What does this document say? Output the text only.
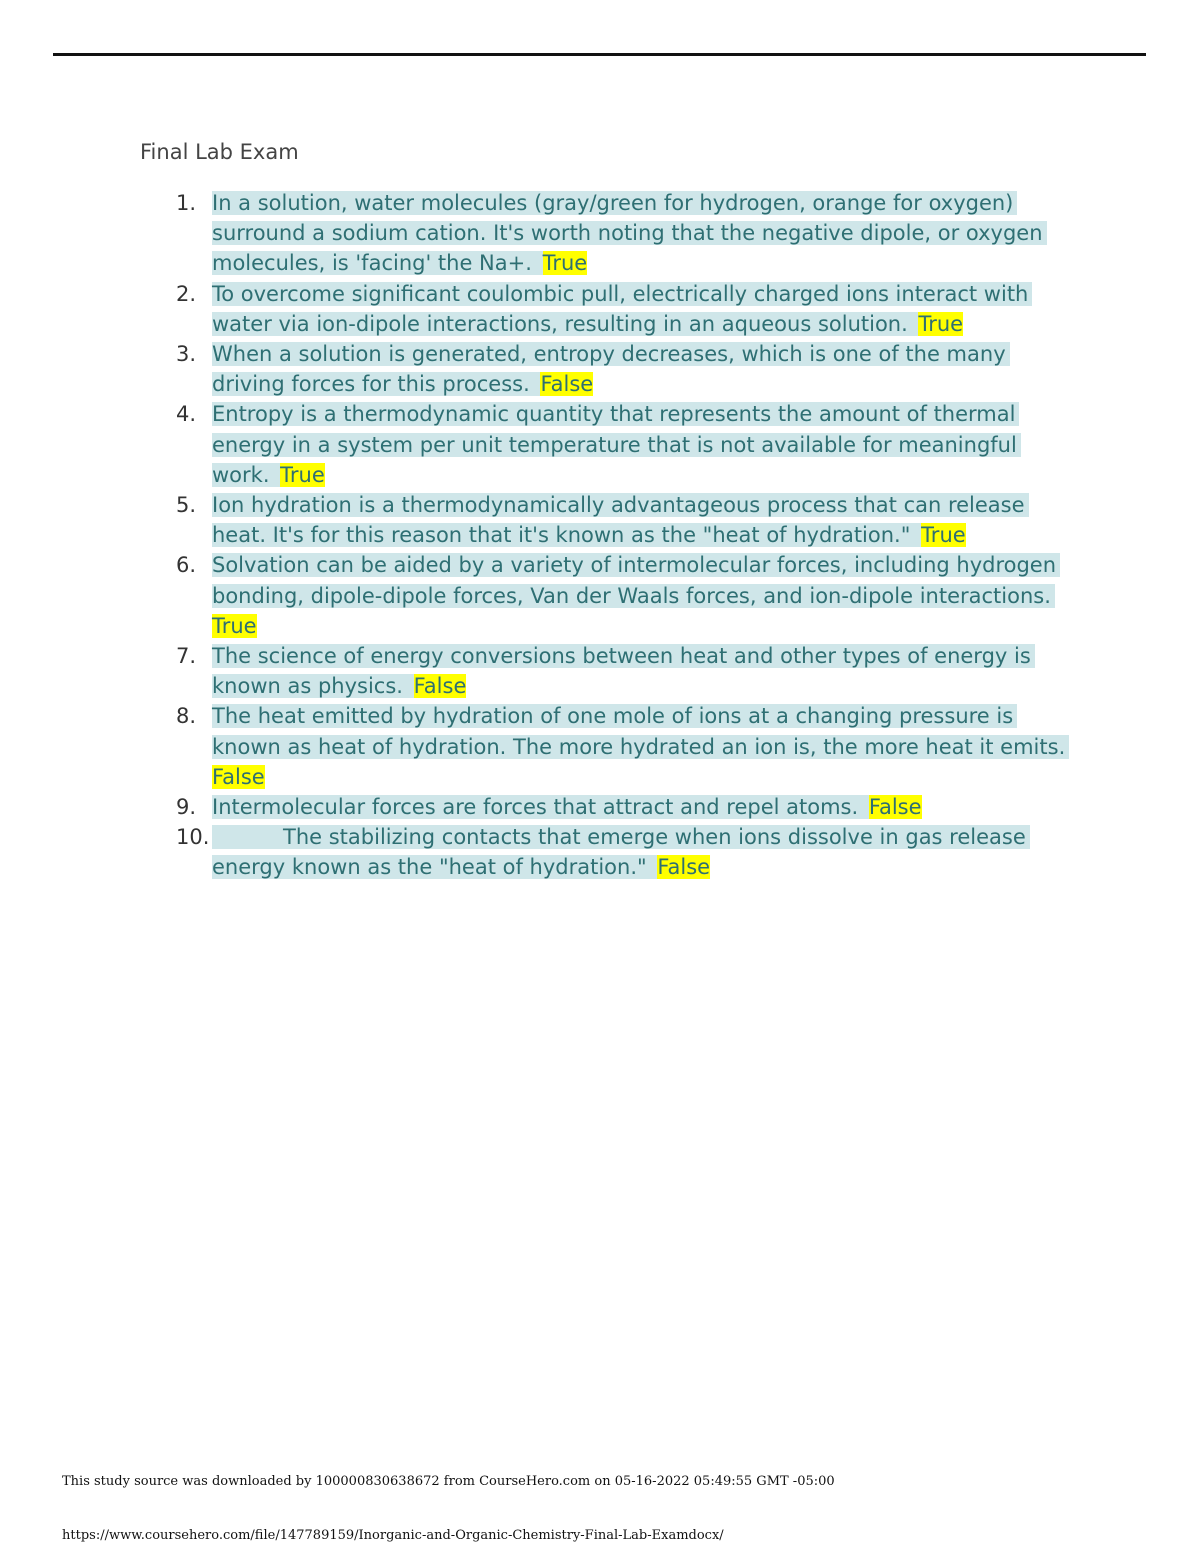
Final Lab Exam
1. In a solution, water molecules (gray/green for hydrogen, orange for oxygen) surround a sodium cation. It's worth noting that the negative dipole, or oxygen molecules, is 'facing' the Na+. True
2. To overcome significant coulombic pull, electrically charged ions interact with water via ion-dipole interactions, resulting in an aqueous solution. True
3. When a solution is generated, entropy decreases, which is one of the many driving forces for this process. False
4. Entropy is a thermodynamic quantity that represents the amount of thermal energy in a system per unit temperature that is not available for meaningful work. True
5. Ion hydration is a thermodynamically advantageous process that can release heat. It's for this reason that it's known as the "heat of hydration." True
6. Solvation can be aided by a variety of intermolecular forces, including hydrogen bonding, dipole-dipole forces, Van der Waals forces, and ion-dipole interactions. True
7. The science of energy conversions between heat and other types of energy is known as physics. False
8. The heat emitted by hydration of one mole of ions at a changing pressure is known as heat of hydration. The more hydrated an ion is, the more heat it emits. False
9. Intermolecular forces are forces that attract and repel atoms. False
10.	The stabilizing contacts that emerge when ions dissolve in gas release energy known as the "heat of hydration." False
This study source was downloaded by 100000830638672 from CourseHero.com on 05-16-2022 05:49:55 GMT -05:00
https://www.coursehero.com/file/147789159/Inorganic-and-Organic-Chemistry-Final-Lab-Examdocx/
